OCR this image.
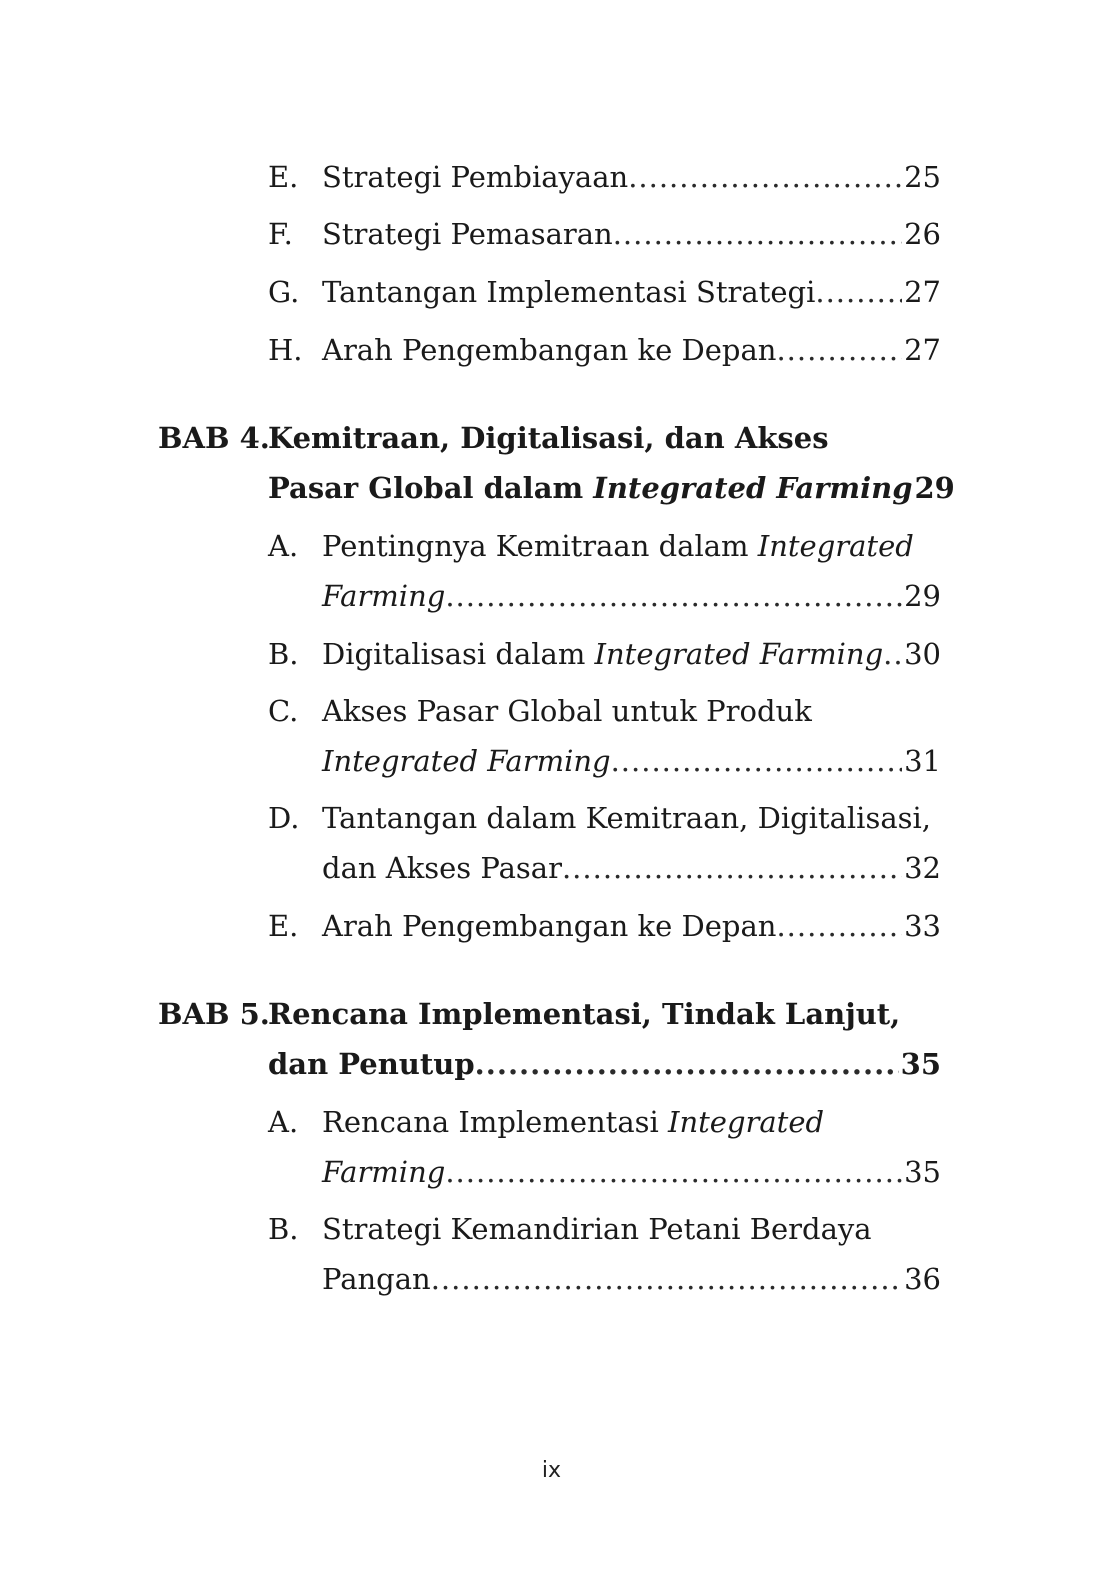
E. Strategi Pembiayaan .....	25
F. Strategi Pemasaran .....	26
G. Tantangan Implementasi Strategi .....	27
H. Arah Pengembangan ke Depan .....	27
BAB 4.
Kemitraan, Digitalisasi, dan Akses
Pasar Global dalam Integrated Farming 29
A. Pentingnya Kemitraan dalam Integrated
Farming .....	29
B. Digitalisasi dalam Integrated Farming ..... 30
C. Akses Pasar Global untuk Produk
Integrated Farming .....	31
D. Tantangan dalam Kemitraan, Digitalisasi,
dan Akses Pasar .....	32
E. Arah Pengembangan ke Depan .....	33
BAB 5.
Rencana Implementasi, Tindak Lanjut,
dan Penutup .....	35
A. Rencana Implementasi Integrated
Farming .....	35
B. Strategi Kemandirian Petani Berdaya
Pangan .....	36
ix
